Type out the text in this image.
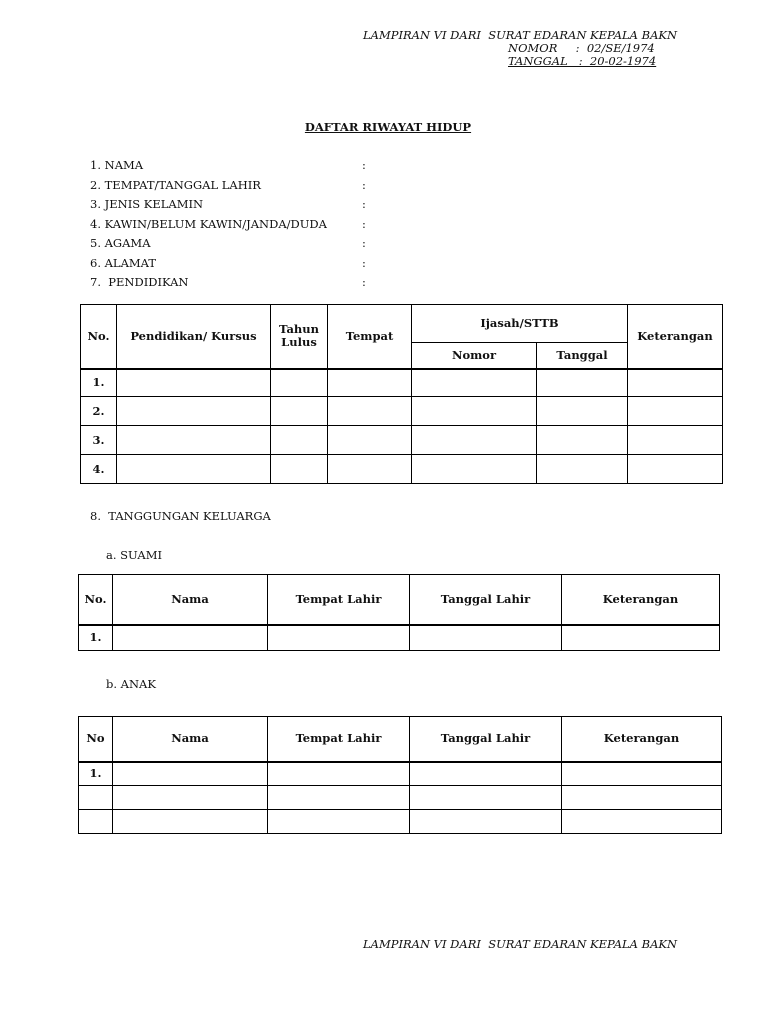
LAMPIRAN VI DARI  SURAT EDARAN KEPALA BAKN
NOMOR     :  02/SE/1974
TANGGAL   :  20-02-1974
DAFTAR RIWAYAT HIDUP
1. NAMA	:
2. TEMPAT/TANGGAL LAHIR	:
3. JENIS KELAMIN	:
4. KAWIN/BELUM KAWIN/JANDA/DUDA	:
5. AGAMA	:
6. ALAMAT	:
7.  PENDIDIKAN	:
No.	Pendidikan/ Kursus	Tahun Lulus	Tempat	Ijasah/STTB		Keterangan
				Nomor	Tanggal	
1.						
2.						
3.						
4.						
8.  TANGGUNGAN KELUARGA
a. SUAMI
No.	Nama	Tempat Lahir	Tanggal Lahir	Keterangan
1.				
b. ANAK
No	Nama	Tempat Lahir	Tanggal Lahir	Keterangan
1.				

LAMPIRAN VI DARI  SURAT EDARAN KEPALA BAKN
